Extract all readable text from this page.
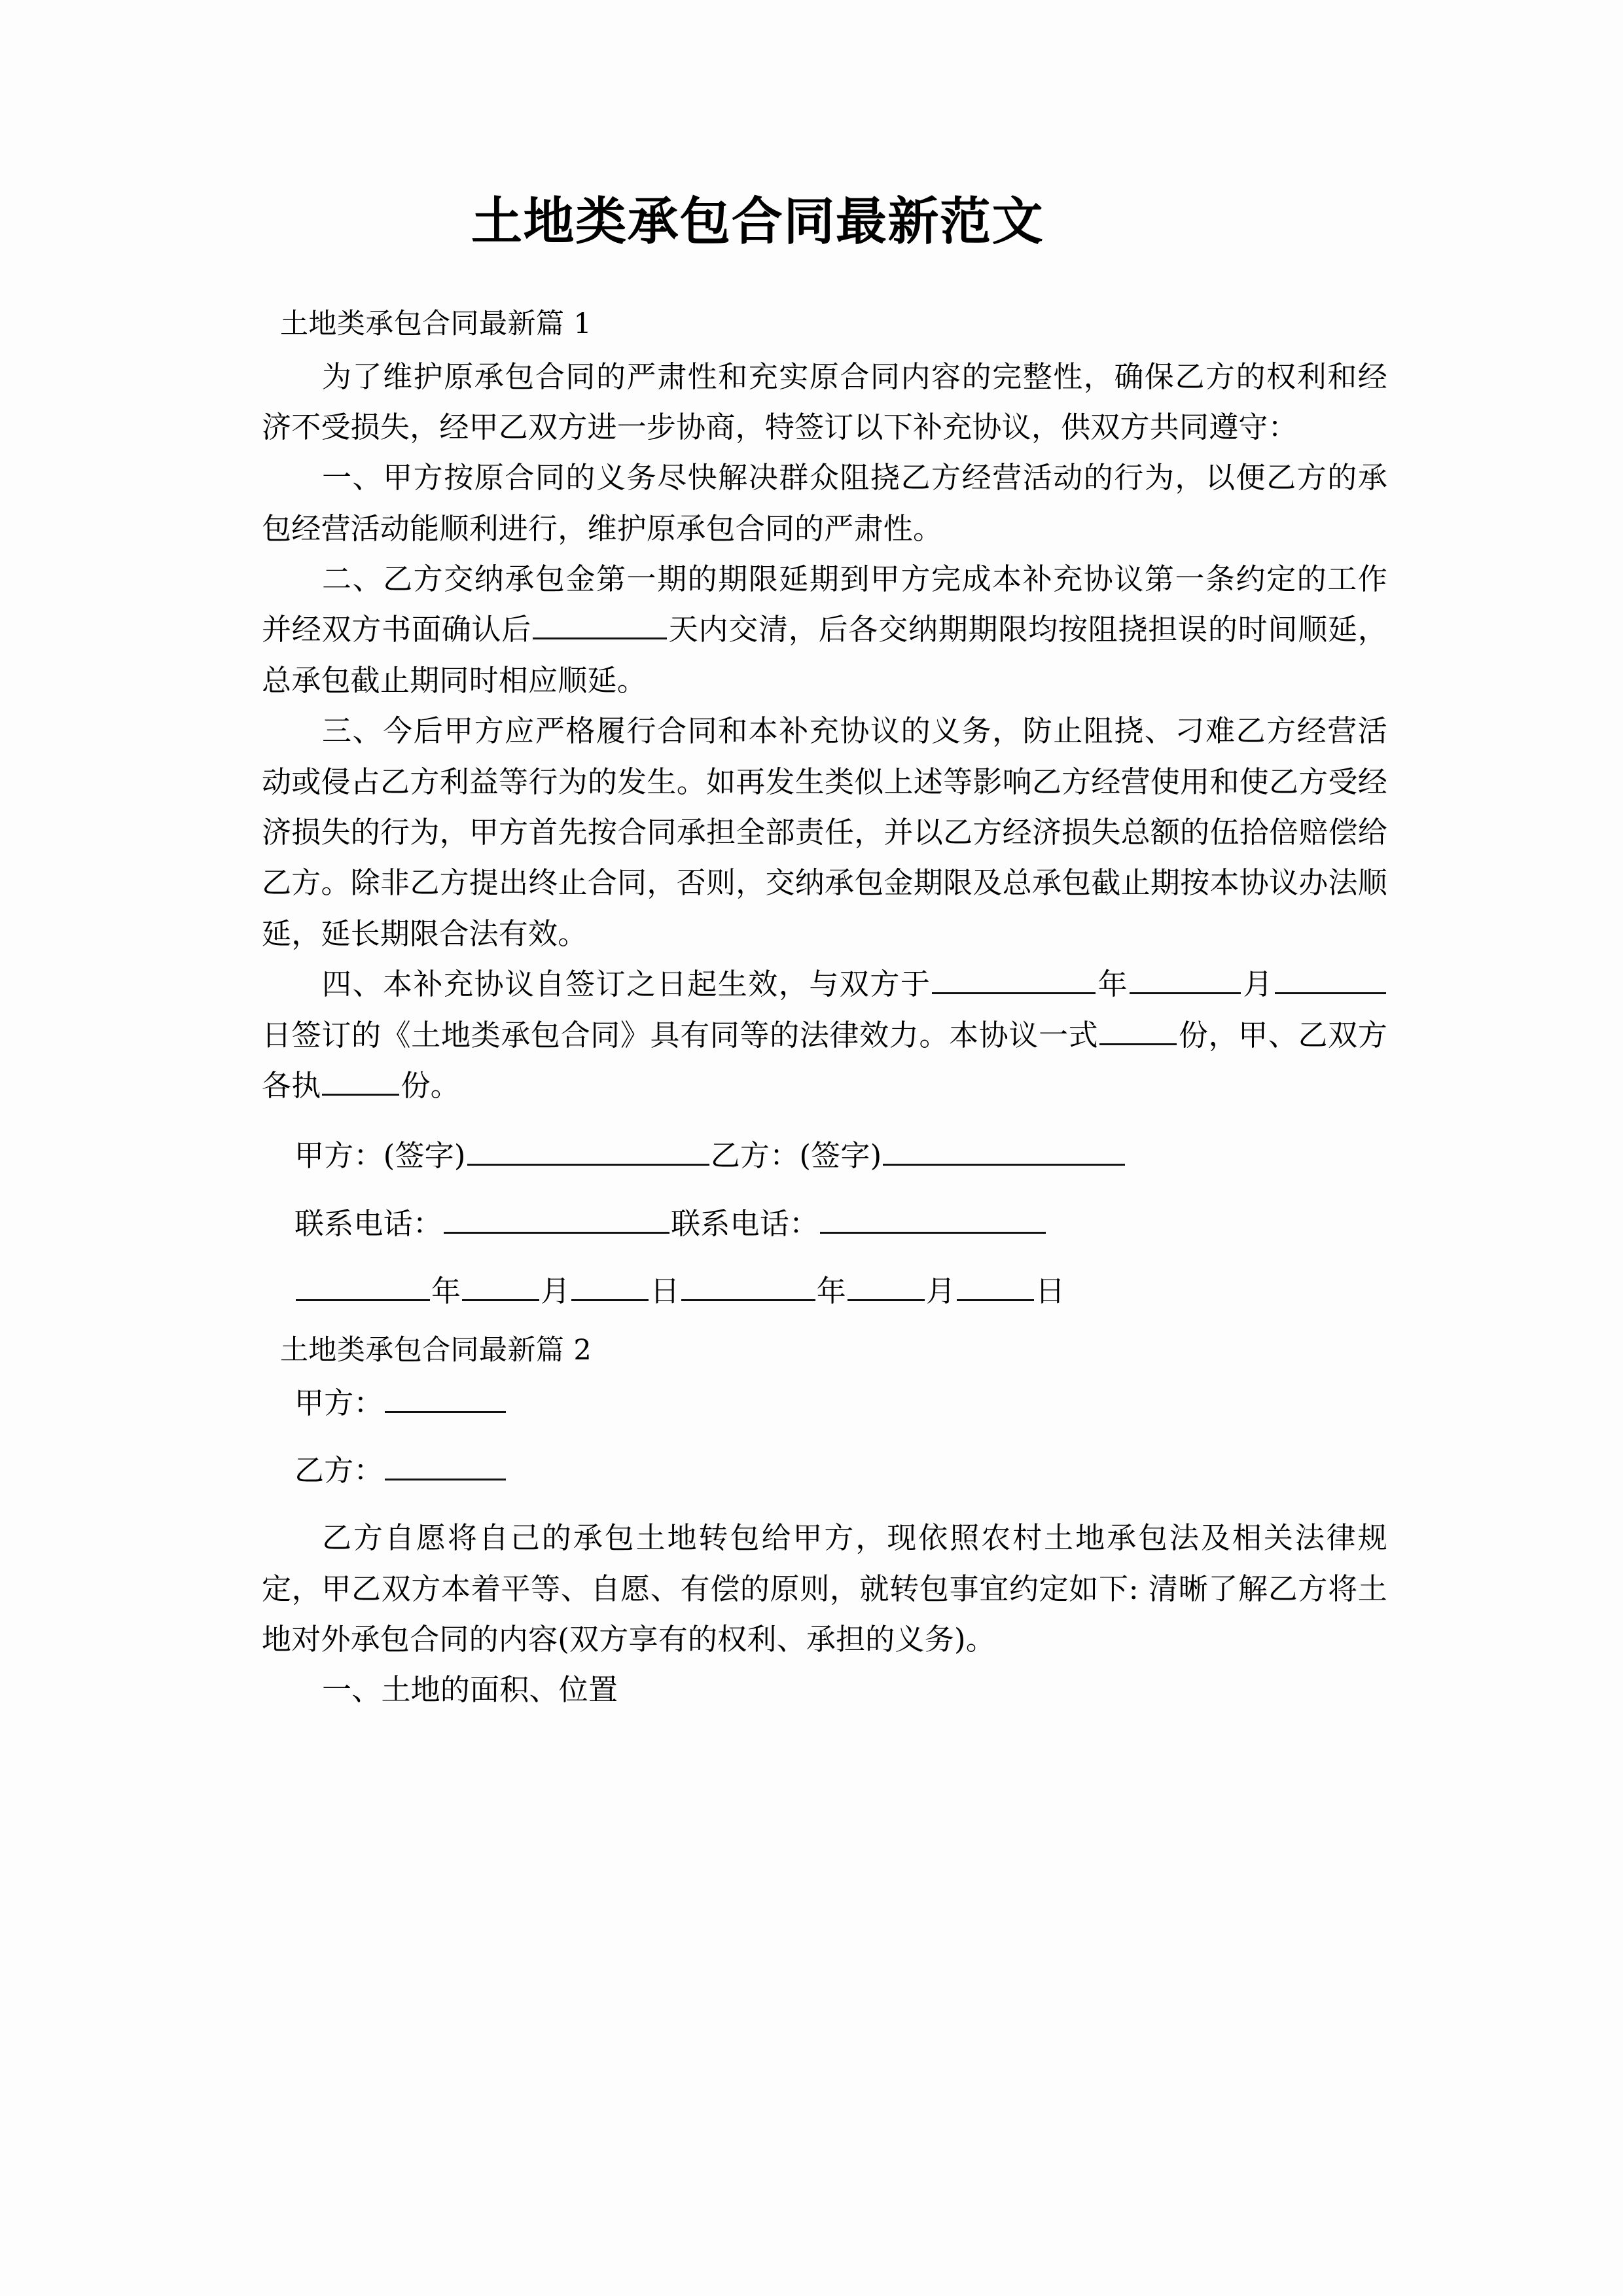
土地类承包合同最新范文

土地类承包合同最新篇 1

为了维护原承包合同的严肃性和充实原合同内容的完整性，确保乙方的权利和经济不受损失，经甲乙双方进一步协商，特签订以下补充协议，供双方共同遵守：

一、甲方按原合同的义务尽快解决群众阻挠乙方经营活动的行为，以便乙方的承包经营活动能顺利进行，维护原承包合同的严肃性。

二、乙方交纳承包金第一期的期限延期到甲方完成本补充协议第一条约定的工作并经双方书面确认后	天内交清，后各交纳期期限均按阻挠担误的时间顺延，总承包截止期同时相应顺延。

三、今后甲方应严格履行合同和本补充协议的义务，防止阻挠、刁难乙方经营活动或侵占乙方利益等行为的发生。如再发生类似上述等影响乙方经营使用和使乙方受经济损失的行为，甲方首先按合同承担全部责任，并以乙方经济损失总额的伍拾倍赔偿给乙方。除非乙方提出终止合同，否则，交纳承包金期限及总承包截止期按本协议办法顺延，延长期限合法有效。

四、本补充协议自签订之日起生效，与双方于	年	月日签订的《土地类承包合同》具有同等的法律效力。本协议一式	份，甲、乙双方各执	份。

甲方：(签字)	乙方：(签字)

联系电话：	联系电话：

年	月	日	年	月	日

土地类承包合同最新篇 2

甲方：

乙方：

乙方自愿将自己的承包土地转包给甲方，现依照农村土地承包法及相关法律规定，甲乙双方本着平等、自愿、有偿的原则，就转包事宜约定如下: 清晰了解乙方将土地对外承包合同的内容(双方享有的权利、承担的义务)。

一、土地的面积、位置
